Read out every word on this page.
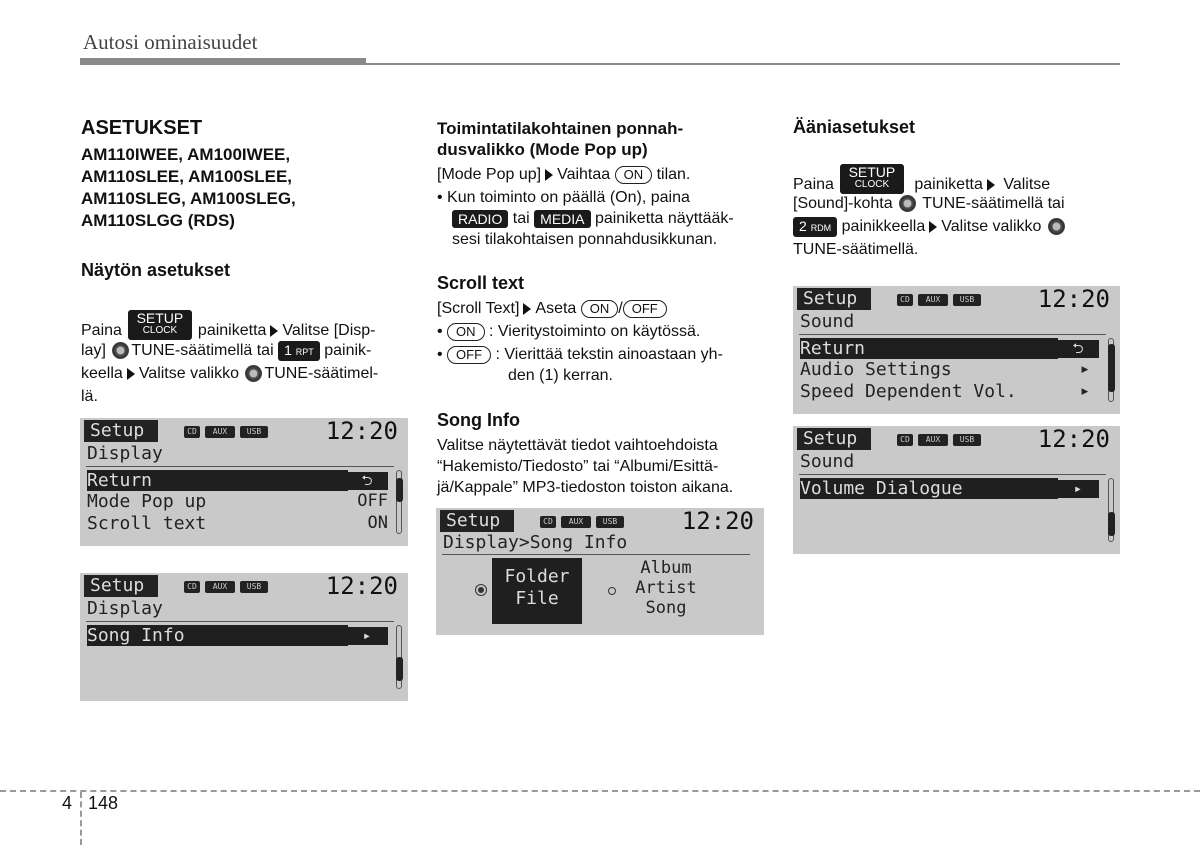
Autosi ominaisuudet
ASETUKSET
AM110IWEE, AM100IWEE,
AM110SLEE, AM100SLEE,
AM110SLEG, AM100SLEG,
AM110SLGG (RDS)
Näytön asetukset
Paina
SETUP
CLOCK	painiketta Valitse [Disp-
lay] TUNE-säätimellä tai 1 RPT painik-
keella Valitse valikko TUNE-säätimel-
lä.
Setup	CD	AUX	USB	12:20
Display
Return	⮌
Mode Pop up	OFF
Scroll text	ON
Setup	CD	AUX	USB	12:20
Display
Song Info	▸
Toimintatilakohtainen ponnah-
dusvalikko (Mode Pop up)
[Mode Pop up] Vaihtaa ON tilan.
• Kun toiminto on päällä (On), paina
RADIO tai MEDIA painiketta näyttääk-
sesi tilakohtaisen ponnahdusikkunan.
Scroll text
[Scroll Text] Aseta ON / OFF
• ON : Vieritystoiminto on käytössä.
• OFF : Vierittää tekstin ainoastaan yh-
den (1) kerran.
Song Info
Valitse näytettävät tiedot vaihtoehdoista
“Hakemisto/Tiedosto” tai “Albumi/Esittä-
jä/Kappale” MP3-tiedoston toiston aikana.
Setup	CD	AUX	USB	12:20
Display>Song Info
Folder
File
Album
Artist
Song
Ääniasetukset
Paina
SETUP
CLOCK	painiketta Valitse
[Sound]-kohta TUNE-säätimellä tai
2 RDM painikkeella Valitse valikko
TUNE-säätimellä.
Setup	CD	AUX	USB	12:20
Sound
Return	⮌
Audio Settings	▸
Speed Dependent Vol.	▸
Setup	CD	AUX	USB	12:20
Sound
Volume Dialogue	▸
4 148
